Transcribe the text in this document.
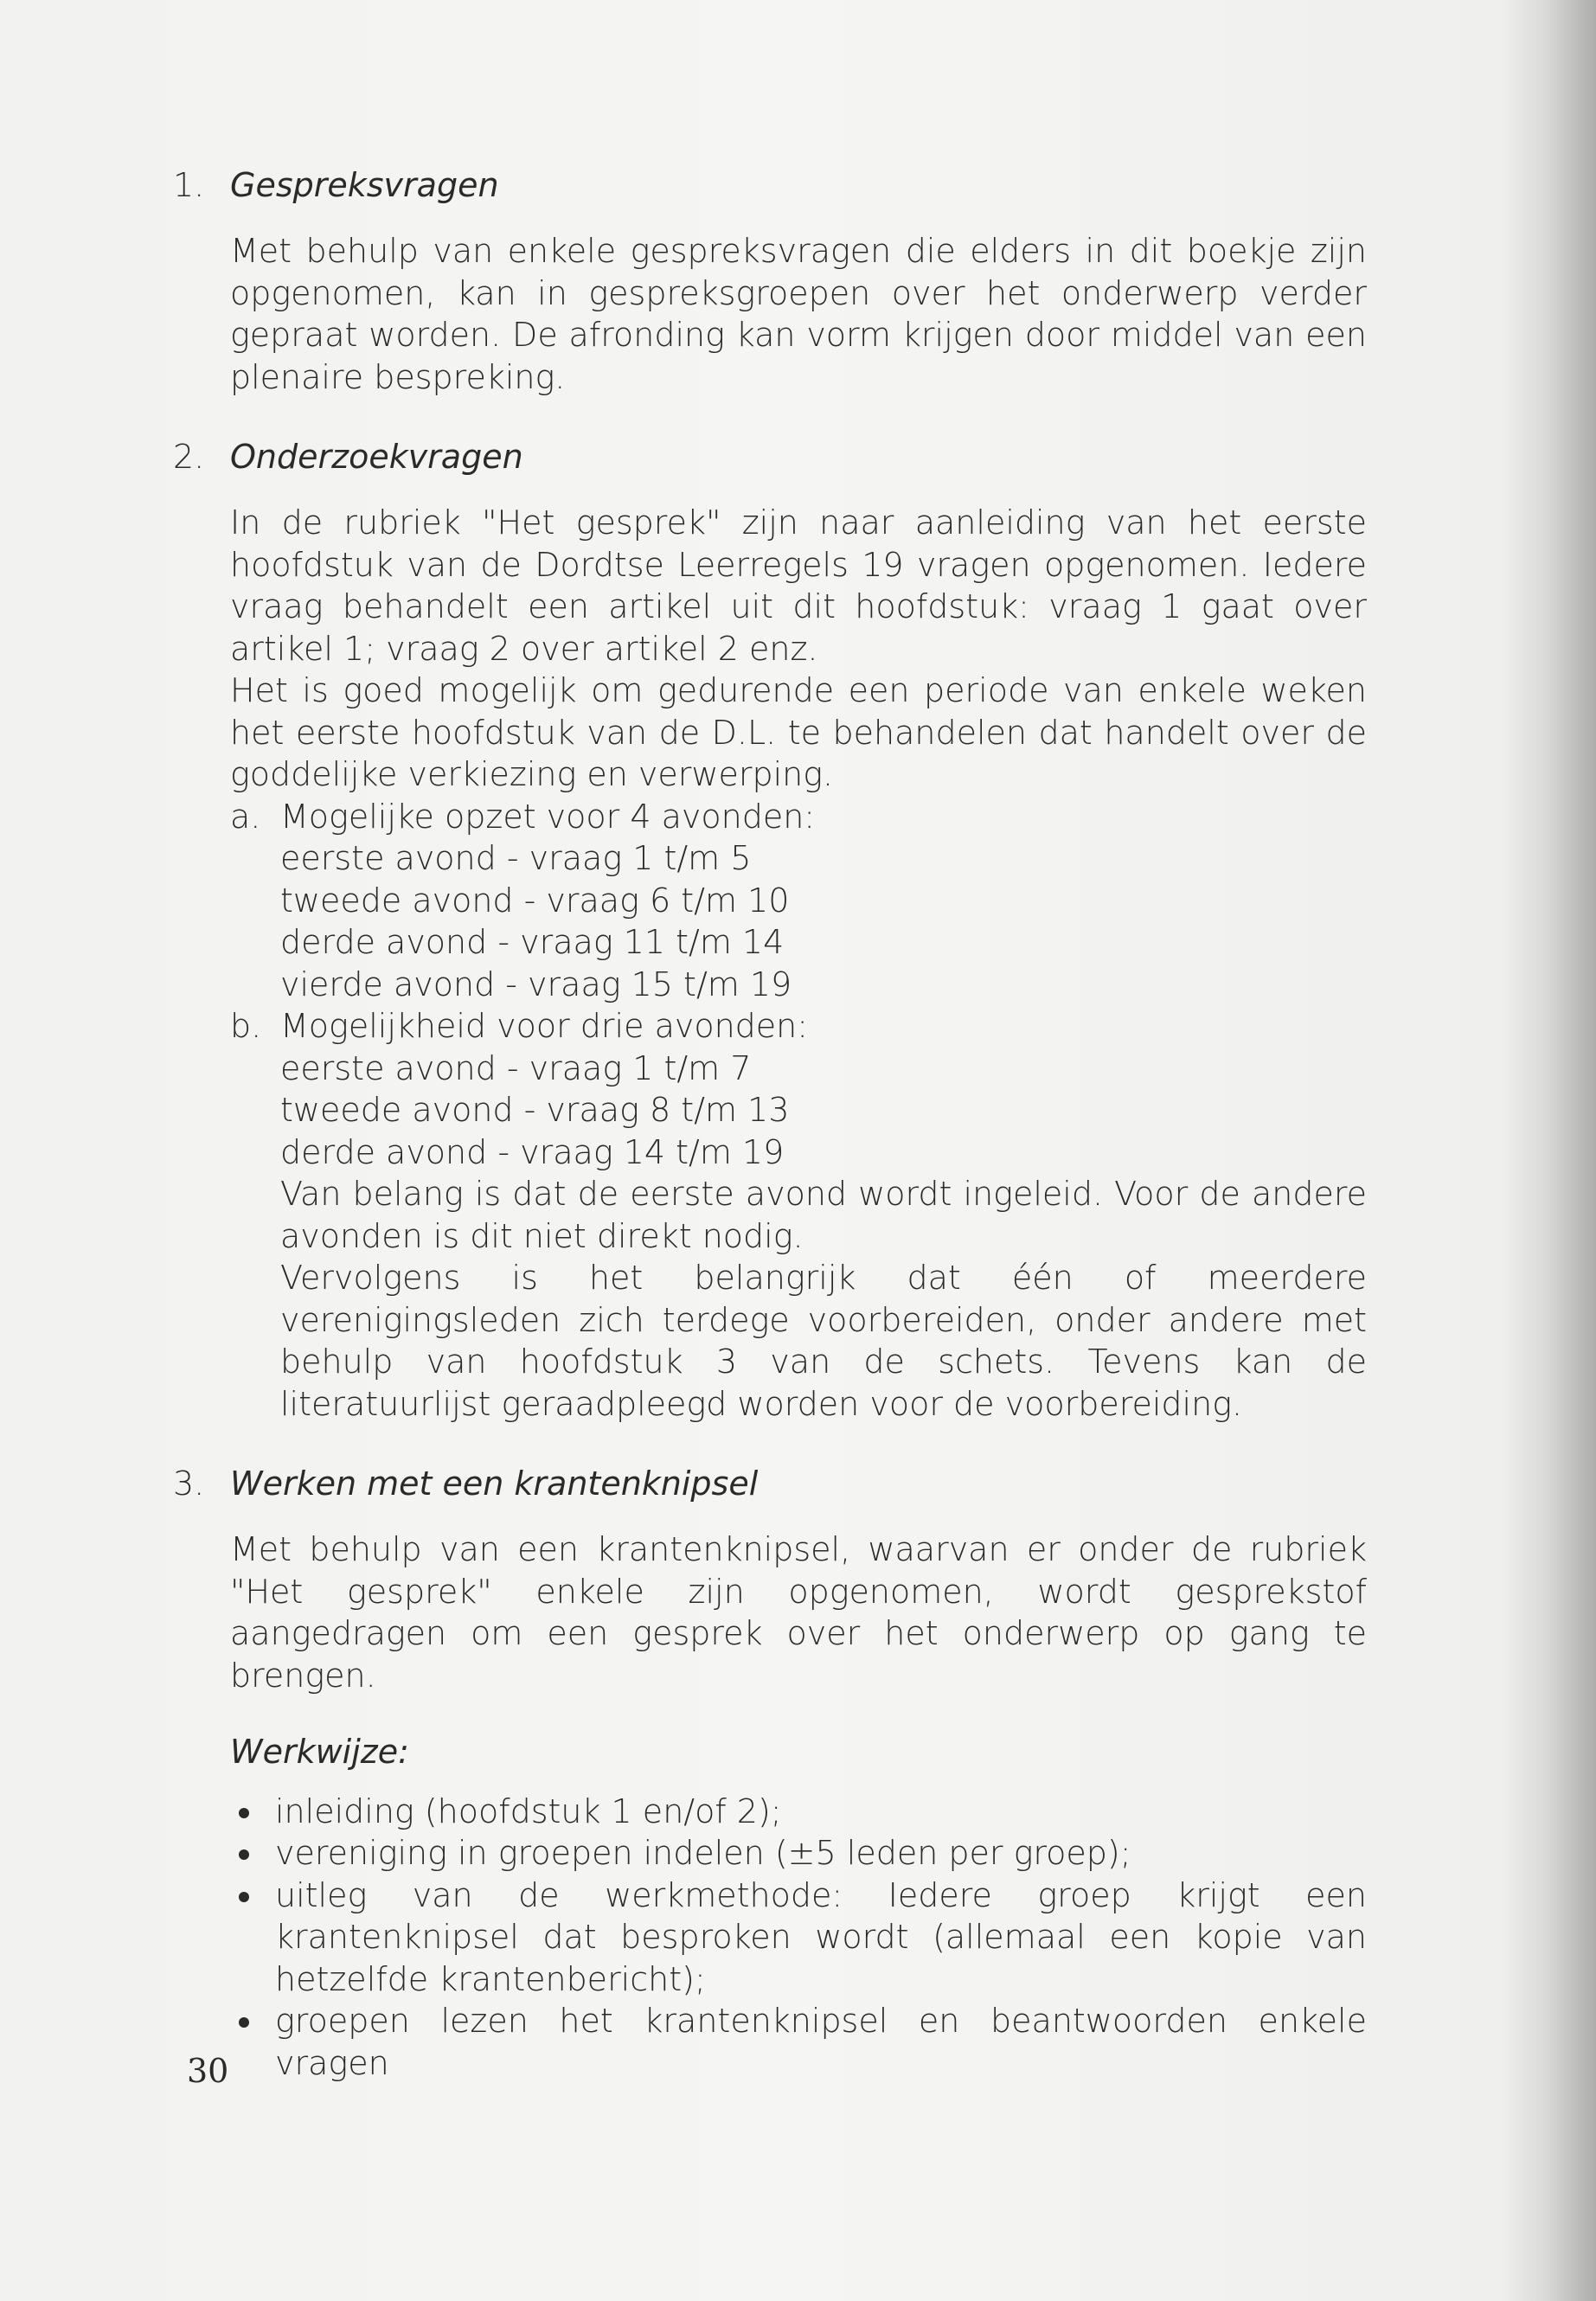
1. Gespreksvragen

Met behulp van enkele gespreksvragen die elders in dit boekje zijn opgenomen, kan in gespreksgroepen over het onderwerp verder gepraat worden. De afronding kan vorm krijgen door middel van een plenaire bespreking.

2. Onderzoekvragen

In de rubriek "Het gesprek" zijn naar aanleiding van het eerste hoofdstuk van de Dordtse Leerregels 19 vragen opgenomen. Iedere vraag behandelt een artikel uit dit hoofdstuk: vraag 1 gaat over artikel 1; vraag 2 over artikel 2 enz.

Het is goed mogelijk om gedurende een periode van enkele weken het eerste hoofdstuk van de D.L. te behandelen dat handelt over de goddelijke verkiezing en verwerping.

a. Mogelijke opzet voor 4 avonden:
eerste avond - vraag 1 t/m 5
tweede avond - vraag 6 t/m 10
derde avond - vraag 11 t/m 14
vierde avond - vraag 15 t/m 19
b. Mogelijkheid voor drie avonden:
eerste avond - vraag 1 t/m 7
tweede avond - vraag 8 t/m 13
derde avond - vraag 14 t/m 19

Van belang is dat de eerste avond wordt ingeleid. Voor de andere avonden is dit niet direkt nodig.

Vervolgens is het belangrijk dat één of meerdere verenigingsleden zich terdege voorbereiden, onder andere met behulp van hoofdstuk 3 van de schets. Tevens kan de literatuurlijst geraadpleegd worden voor de voorbereiding.

3. Werken met een krantenknipsel

Met behulp van een krantenknipsel, waarvan er onder de rubriek "Het gesprek" enkele zijn opgenomen, wordt gesprekstof aangedragen om een gesprek over het onderwerp op gang te brengen.

Werkwijze:
inleiding (hoofdstuk 1 en/of 2);
vereniging in groepen indelen (±5 leden per groep);
uitleg van de werkmethode: Iedere groep krijgt een krantenknipsel dat besproken wordt (allemaal een kopie van hetzelfde krantenbericht);
groepen lezen het krantenknipsel en beantwoorden enkele vragen
30
